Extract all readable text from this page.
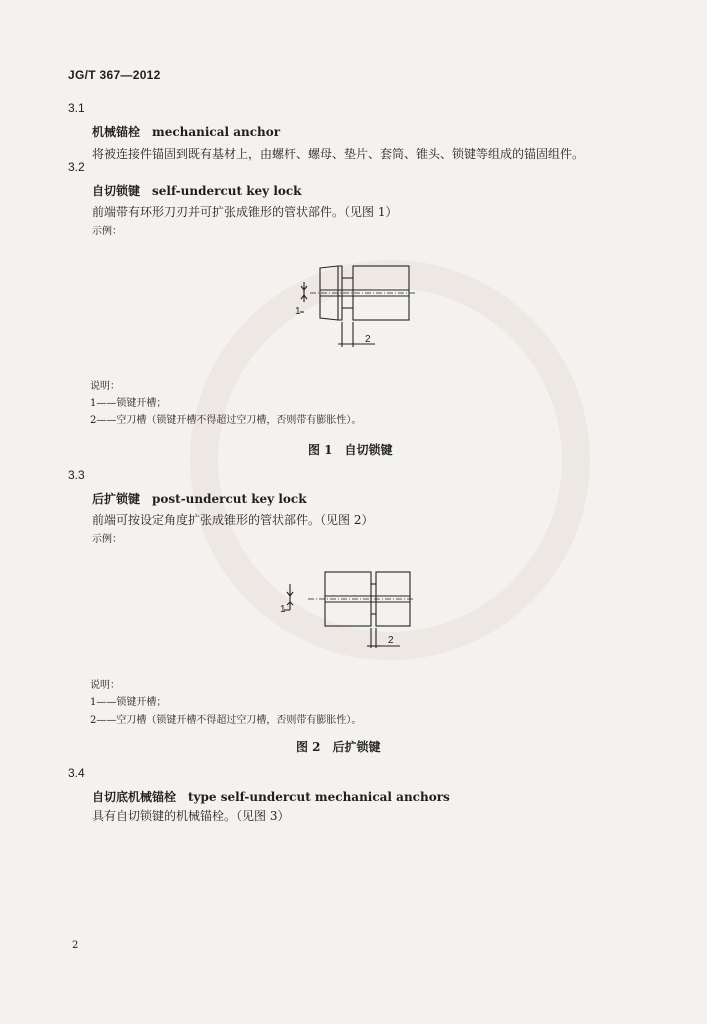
JG/T 367—2012
3.1
机械锚栓　mechanical anchor
将被连接件锚固到既有基材上，由螺杆、螺母、垫片、套筒、锥头、锁键等组成的锚固组件。
3.2
自切锁键　self-undercut key lock
前端带有环形刀刃并可扩张成锥形的管状部件。（见图 1）
示例：
1
2
说明：
1——锁键开槽；
2——空刀槽（锁键开槽不得超过空刀槽，否则带有膨胀性）。
图 1　自切锁键
3.3
后扩锁键　post-undercut key lock
前端可按设定角度扩张成锥形的管状部件。（见图 2）
示例：
1
2
说明：
1——锁键开槽；
2——空刀槽（锁键开槽不得超过空刀槽，否则带有膨胀性）。
图 2　后扩锁键
3.4
自切底机械锚栓　type self-undercut mechanical anchors
具有自切锁键的机械锚栓。（见图 3）
2
